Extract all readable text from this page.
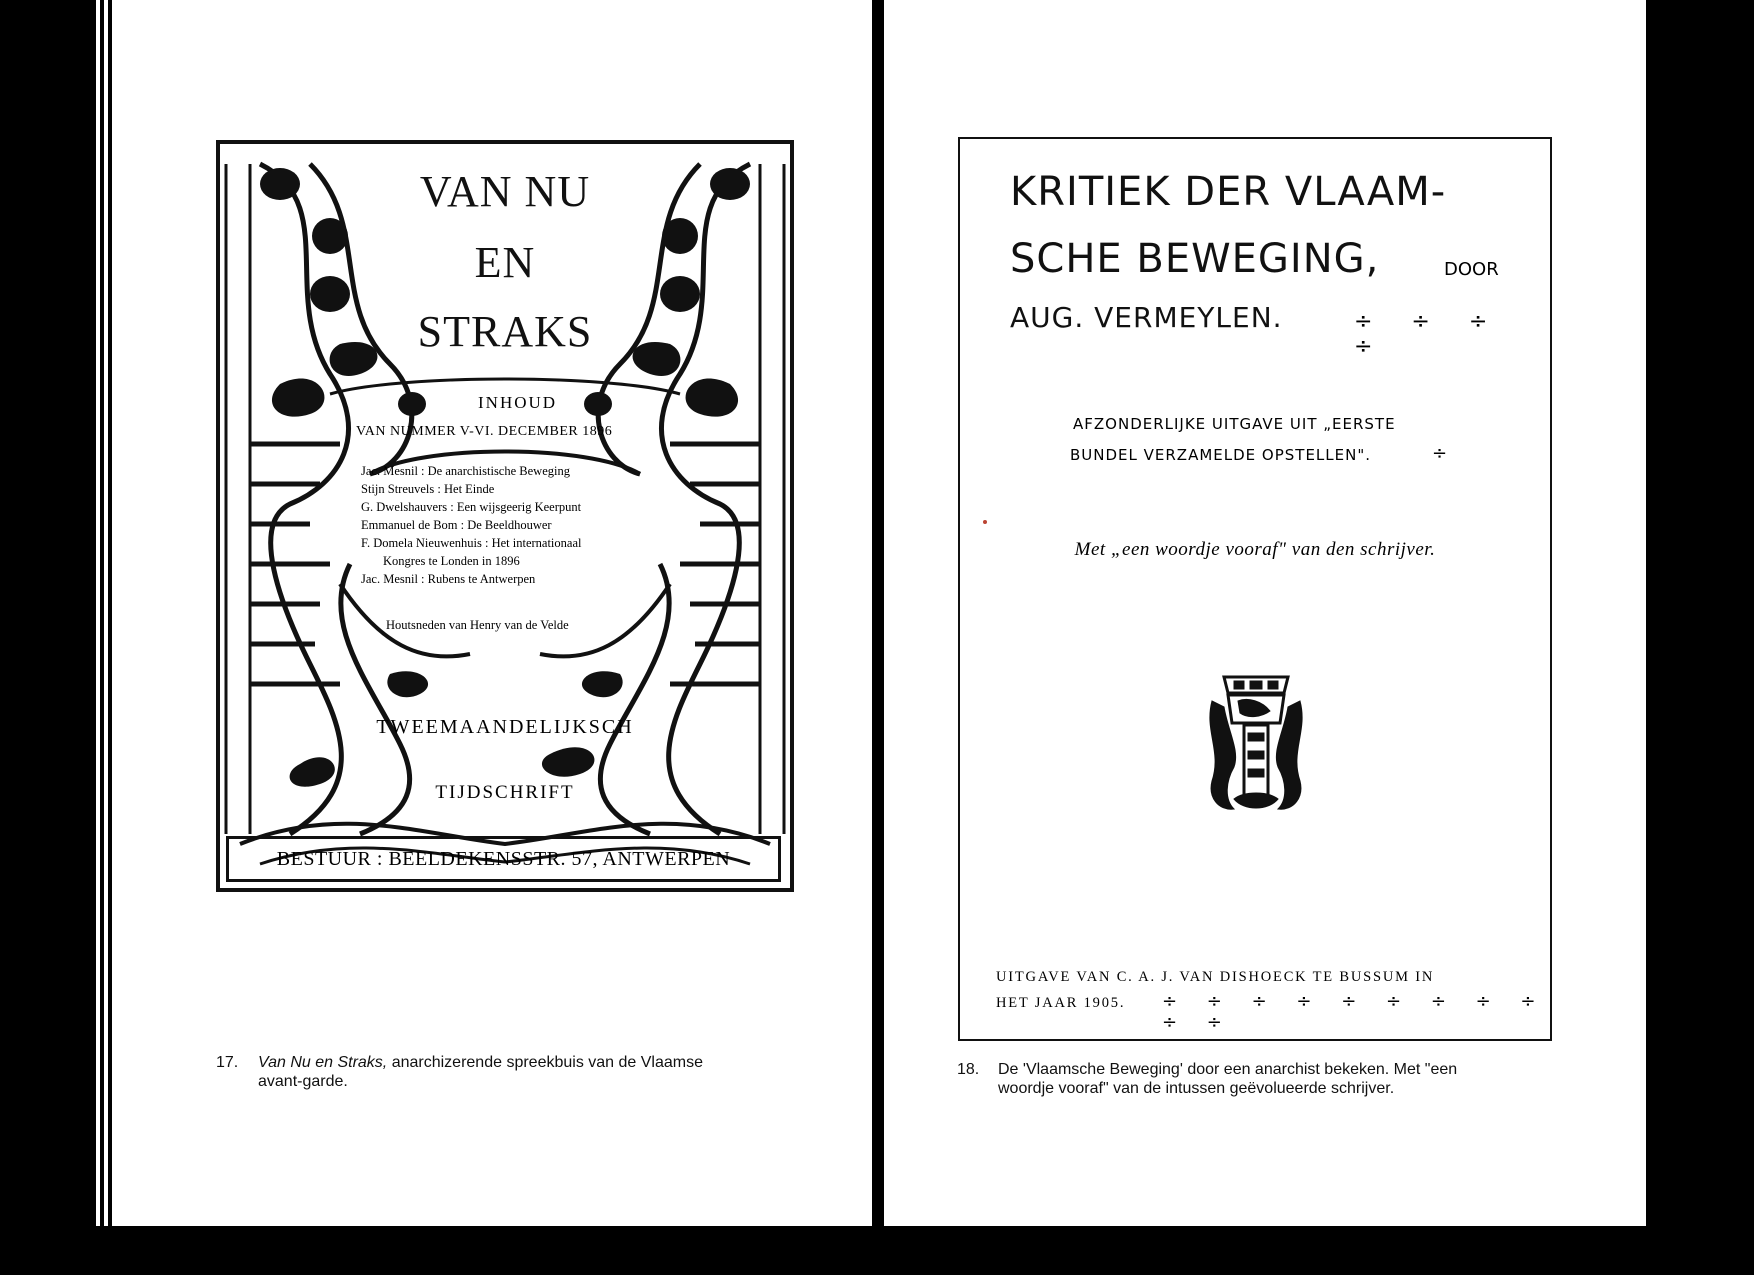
VAN NU
EN
STRAKS
INHOUD
VAN NUMMER V-VI. DECEMBER 1896
Jac. Mesnil : De anarchistische Beweging
Stijn Streuvels : Het Einde
G. Dwelshauvers : Een wijsgeerig Keerpunt
Emmanuel de Bom : De Beeldhouwer
F. Domela Nieuwenhuis : Het internationaal
Kongres te Londen in 1896
Jac. Mesnil : Rubens te Antwerpen
Houtsneden van Henry van de Velde
TWEEMAANDELIJKSCH
TIJDSCHRIFT
BESTUUR : BEELDEKENSSTR. 57, ANTWERPEN
17. Van Nu en Straks, anarchizerende spreekbuis van de Vlaamse
avant-garde.
KRITIEK DER VLAAM-
SCHE BEWEGING,	DOOR
AUG. VERMEYLEN.	÷ ÷ ÷ ÷
AFZONDERLIJKE UITGAVE UIT „EERSTE
BUNDEL VERZAMELDE OPSTELLEN".	÷
Met „een woordje vooraf" van den schrijver.
UITGAVE VAN C. A. J. VAN DISHOECK TE BUSSUM IN
HET JAAR 1905. ÷ ÷ ÷ ÷ ÷ ÷ ÷ ÷ ÷ ÷ ÷
18. De 'Vlaamsche Beweging' door een anarchist bekeken. Met "een
woordje vooraf" van de intussen geëvolueerde schrijver.
